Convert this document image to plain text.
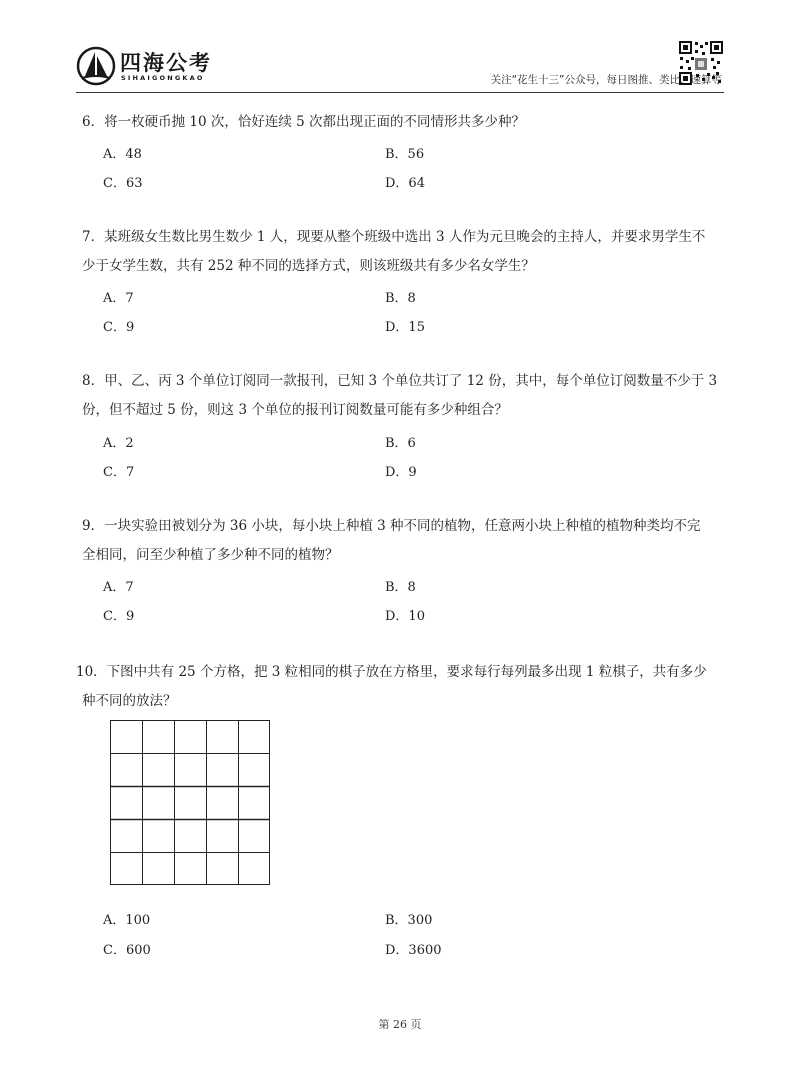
四海公考
SIHAIGONGKAO	关注“花生十三”公众号，每日图推、类比、速算等
6．将一枚硬币抛 10 次，恰好连续 5 次都出现正面的不同情形共多少种？
A．48	B．56
C．63	D．64
7．某班级女生数比男生数少 1 人，现要从整个班级中选出 3 人作为元旦晚会的主持人，并要求男学生不
少于女学生数，共有 252 种不同的选择方式，则该班级共有多少名女学生？
A．7	B．8
C．9	D．15
8．甲、乙、丙 3 个单位订阅同一款报刊，已知 3 个单位共订了 12 份，其中，每个单位订阅数量不少于 3
份，但不超过 5 份，则这 3 个单位的报刊订阅数量可能有多少种组合？
A．2	B．6
C．7	D．9
9．一块实验田被划分为 36 小块，每小块上种植 3 种不同的植物，任意两小块上种植的植物种类均不完
全相同，问至少种植了多少种不同的植物？
A．7	B．8
C．9	D．10
10．下图中共有 25 个方格，把 3 粒相同的棋子放在方格里，要求每行每列最多出现 1 粒棋子，共有多少
种不同的放法？
A．100	B．300
C．600	D．3600
第 26 页
